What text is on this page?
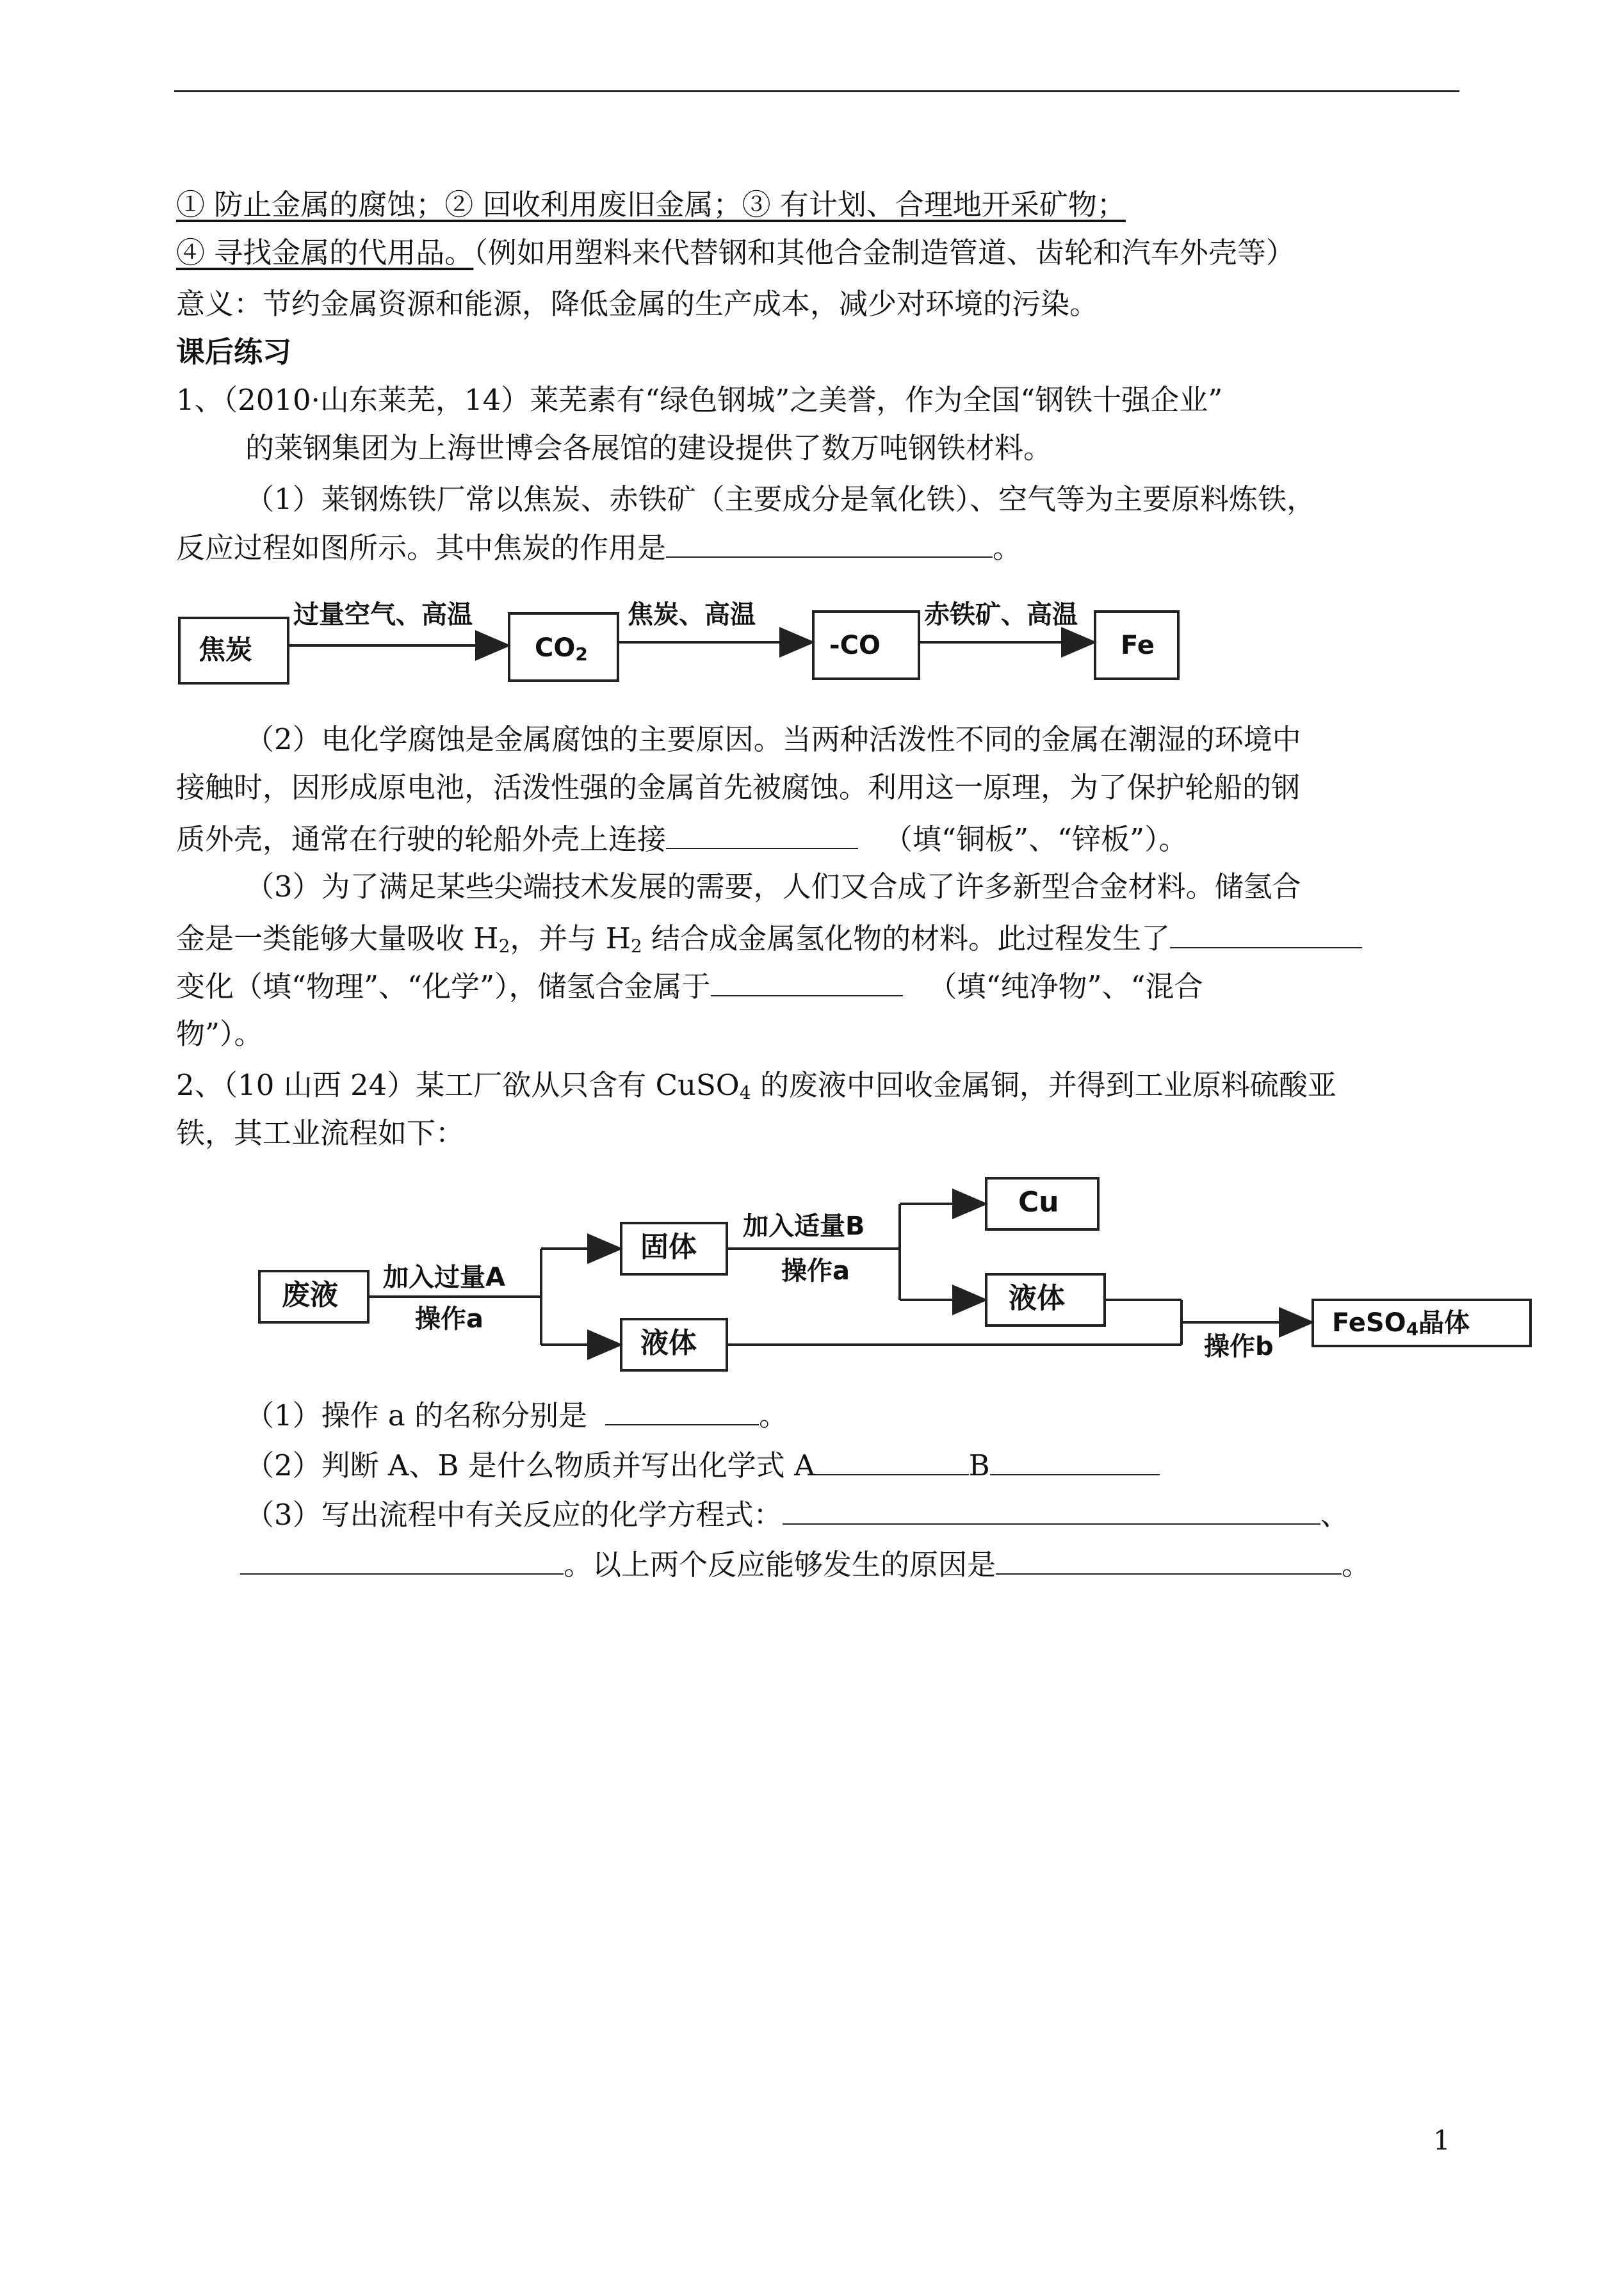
① 防止金属的腐蚀；② 回收利用废旧金属；③ 有计划、合理地开采矿物；
④ 寻找金属的代用品。（例如用塑料来代替钢和其他合金制造管道、齿轮和汽车外壳等）
意义：节约金属资源和能源，降低金属的生产成本，减少对环境的污染。
课后练习
1、（2010·山东莱芜，14）莱芜素有“绿色钢城”之美誉，作为全国“钢铁十强企业”
的莱钢集团为上海世博会各展馆的建设提供了数万吨钢铁材料。
（1）莱钢炼铁厂常以焦炭、赤铁矿（主要成分是氧化铁）、空气等为主要原料炼铁，
反应过程如图所示。其中焦炭的作用是	。
焦炭
过量空气、高温
$CO_2$
焦炭、高温
-CO
赤铁矿、高温
Fe
（2）电化学腐蚀是金属腐蚀的主要原因。当两种活泼性不同的金属在潮湿的环境中
接触时，因形成原电池，活泼性强的金属首先被腐蚀。利用这一原理，为了保护轮船的钢
质外壳，通常在行驶的轮船外壳上连接	（填“铜板”、“锌板”）。
（3）为了满足某些尖端技术发展的需要，人们又合成了许多新型合金材料。储氢合
金是一类能够大量吸收 $H_2$，并与 $H_2$ 结合成金属氢化物的材料。此过程发生了
变化（填“物理”、“化学”），储氢合金属于	（填“纯净物”、“混合
物”）。
2、（10 山西 24）某工厂欲从只含有 CuSO$_4$ 的废液中回收金属铜，并得到工业原料硫酸亚
铁，其工业流程如下：
废液
加入过量A
操作a
固体
液体
加入适量B
操作a
Cu
液体
操作b
FeSO$_4$晶体
（1）操作 a 的名称分别是	。
（2）判断 A、B 是什么物质并写出化学式 A	B
（3）写出流程中有关反应的化学方程式：	、
。以上两个反应能够发生的原因是	。
1
